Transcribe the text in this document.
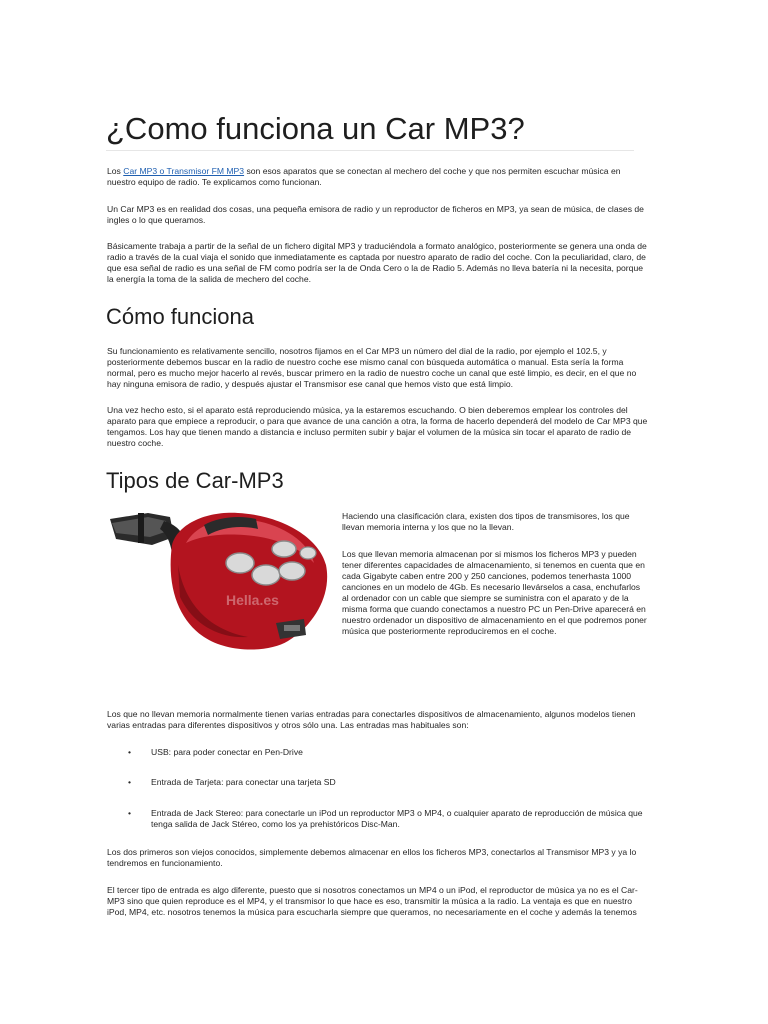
¿Como funciona un Car MP3?

Los Car MP3 o Transmisor FM MP3 son esos aparatos que se conectan al mechero del coche y que nos permiten escuchar música en
nuestro equipo de radio. Te explicamos como funcionan.

Un Car MP3 es en realidad dos cosas, una pequeña emisora de radio y un reproductor de ficheros en MP3, ya sean de música, de clases de
ingles o lo que queramos.

Básicamente trabaja a partir de la señal de un fichero digital MP3 y traduciéndola a formato analógico, posteriormente se genera una onda de
radio a través de la cual viaja el sonido que inmediatamente es captada por nuestro aparato de radio del coche. Con la peculiaridad, claro, de
que esa señal de radio es una señal de FM como podría ser la de Onda Cero o la de Radio 5. Además no lleva batería ni la necesita, porque
la energía la toma de la salida de mechero del coche.

Cómo funciona

Su funcionamiento es relativamente sencillo, nosotros fijamos en el Car MP3 un número del dial de la radio, por ejemplo el 102.5, y
posteriormente debemos buscar en la radio de nuestro coche ese mismo canal con búsqueda automática o manual. Esta sería la forma
normal, pero es mucho mejor hacerlo al revés, buscar primero en la radio de nuestro coche un canal que esté limpio, es decir, en el que no
hay ninguna emisora de radio, y después ajustar el Transmisor ese canal que hemos visto que está limpio.

Una vez hecho esto, si el aparato está reproduciendo música, ya la estaremos escuchando. O bien deberemos emplear los controles del
aparato para que empiece a reproducir, o para que avance de una canción a otra, la forma de hacerlo dependerá del modelo de Car MP3 que
tengamos. Los hay que tienen mando a distancia e incluso permiten subir y bajar el volumen de la música sin tocar el aparato de radio de
nuestro coche.

Tipos de Car-MP3
Hella.es

Haciendo una clasificación clara, existen dos tipos de transmisores, los que
llevan memoria interna y los que no la llevan.

Los que llevan memoria almacenan por si mismos los ficheros MP3 y pueden
tener diferentes capacidades de almacenamiento, si tenemos en cuenta que en
cada Gigabyte caben entre 200 y 250 canciones, podemos tenerhasta 1000
canciones en un modelo de 4Gb. Es necesario llevárselos a casa, enchufarlos
al ordenador con un cable que siempre se suministra con el aparato y de la
misma forma que cuando conectamos a nuestro PC un Pen-Drive aparecerá en
nuestro ordenador un dispositivo de almacenamiento en el que podremos poner
música que posteriormente reproduciremos en el coche.

Los que no llevan memoria normalmente tienen varias entradas para conectarles dispositivos de almacenamiento, algunos modelos tienen
varias entradas para diferentes dispositivos y otros sólo una. Las entradas mas habituales son:

• USB: para poder conectar en Pen-Drive
• Entrada de Tarjeta: para conectar una tarjeta SD
• Entrada de Jack Stereo: para conectarle un iPod un reproductor MP3 o MP4, o cualquier aparato de reproducción de música que
tenga salida de Jack Stéreo, como los ya prehistóricos Disc-Man.

Los dos primeros son viejos conocidos, simplemente debemos almacenar en ellos los ficheros MP3, conectarlos al Transmisor MP3 y ya lo
tendremos en funcionamiento.

El tercer tipo de entrada es algo diferente, puesto que si nosotros conectamos un MP4 o un iPod, el reproductor de música ya no es el Car-
MP3 sino que quien reproduce es el MP4, y el transmisor lo que hace es eso, transmitir la música a la radio. La ventaja es que en nuestro
iPod, MP4, etc. nosotros tenemos la música para escucharla siempre que queramos, no necesariamente en el coche y además la tenemos
